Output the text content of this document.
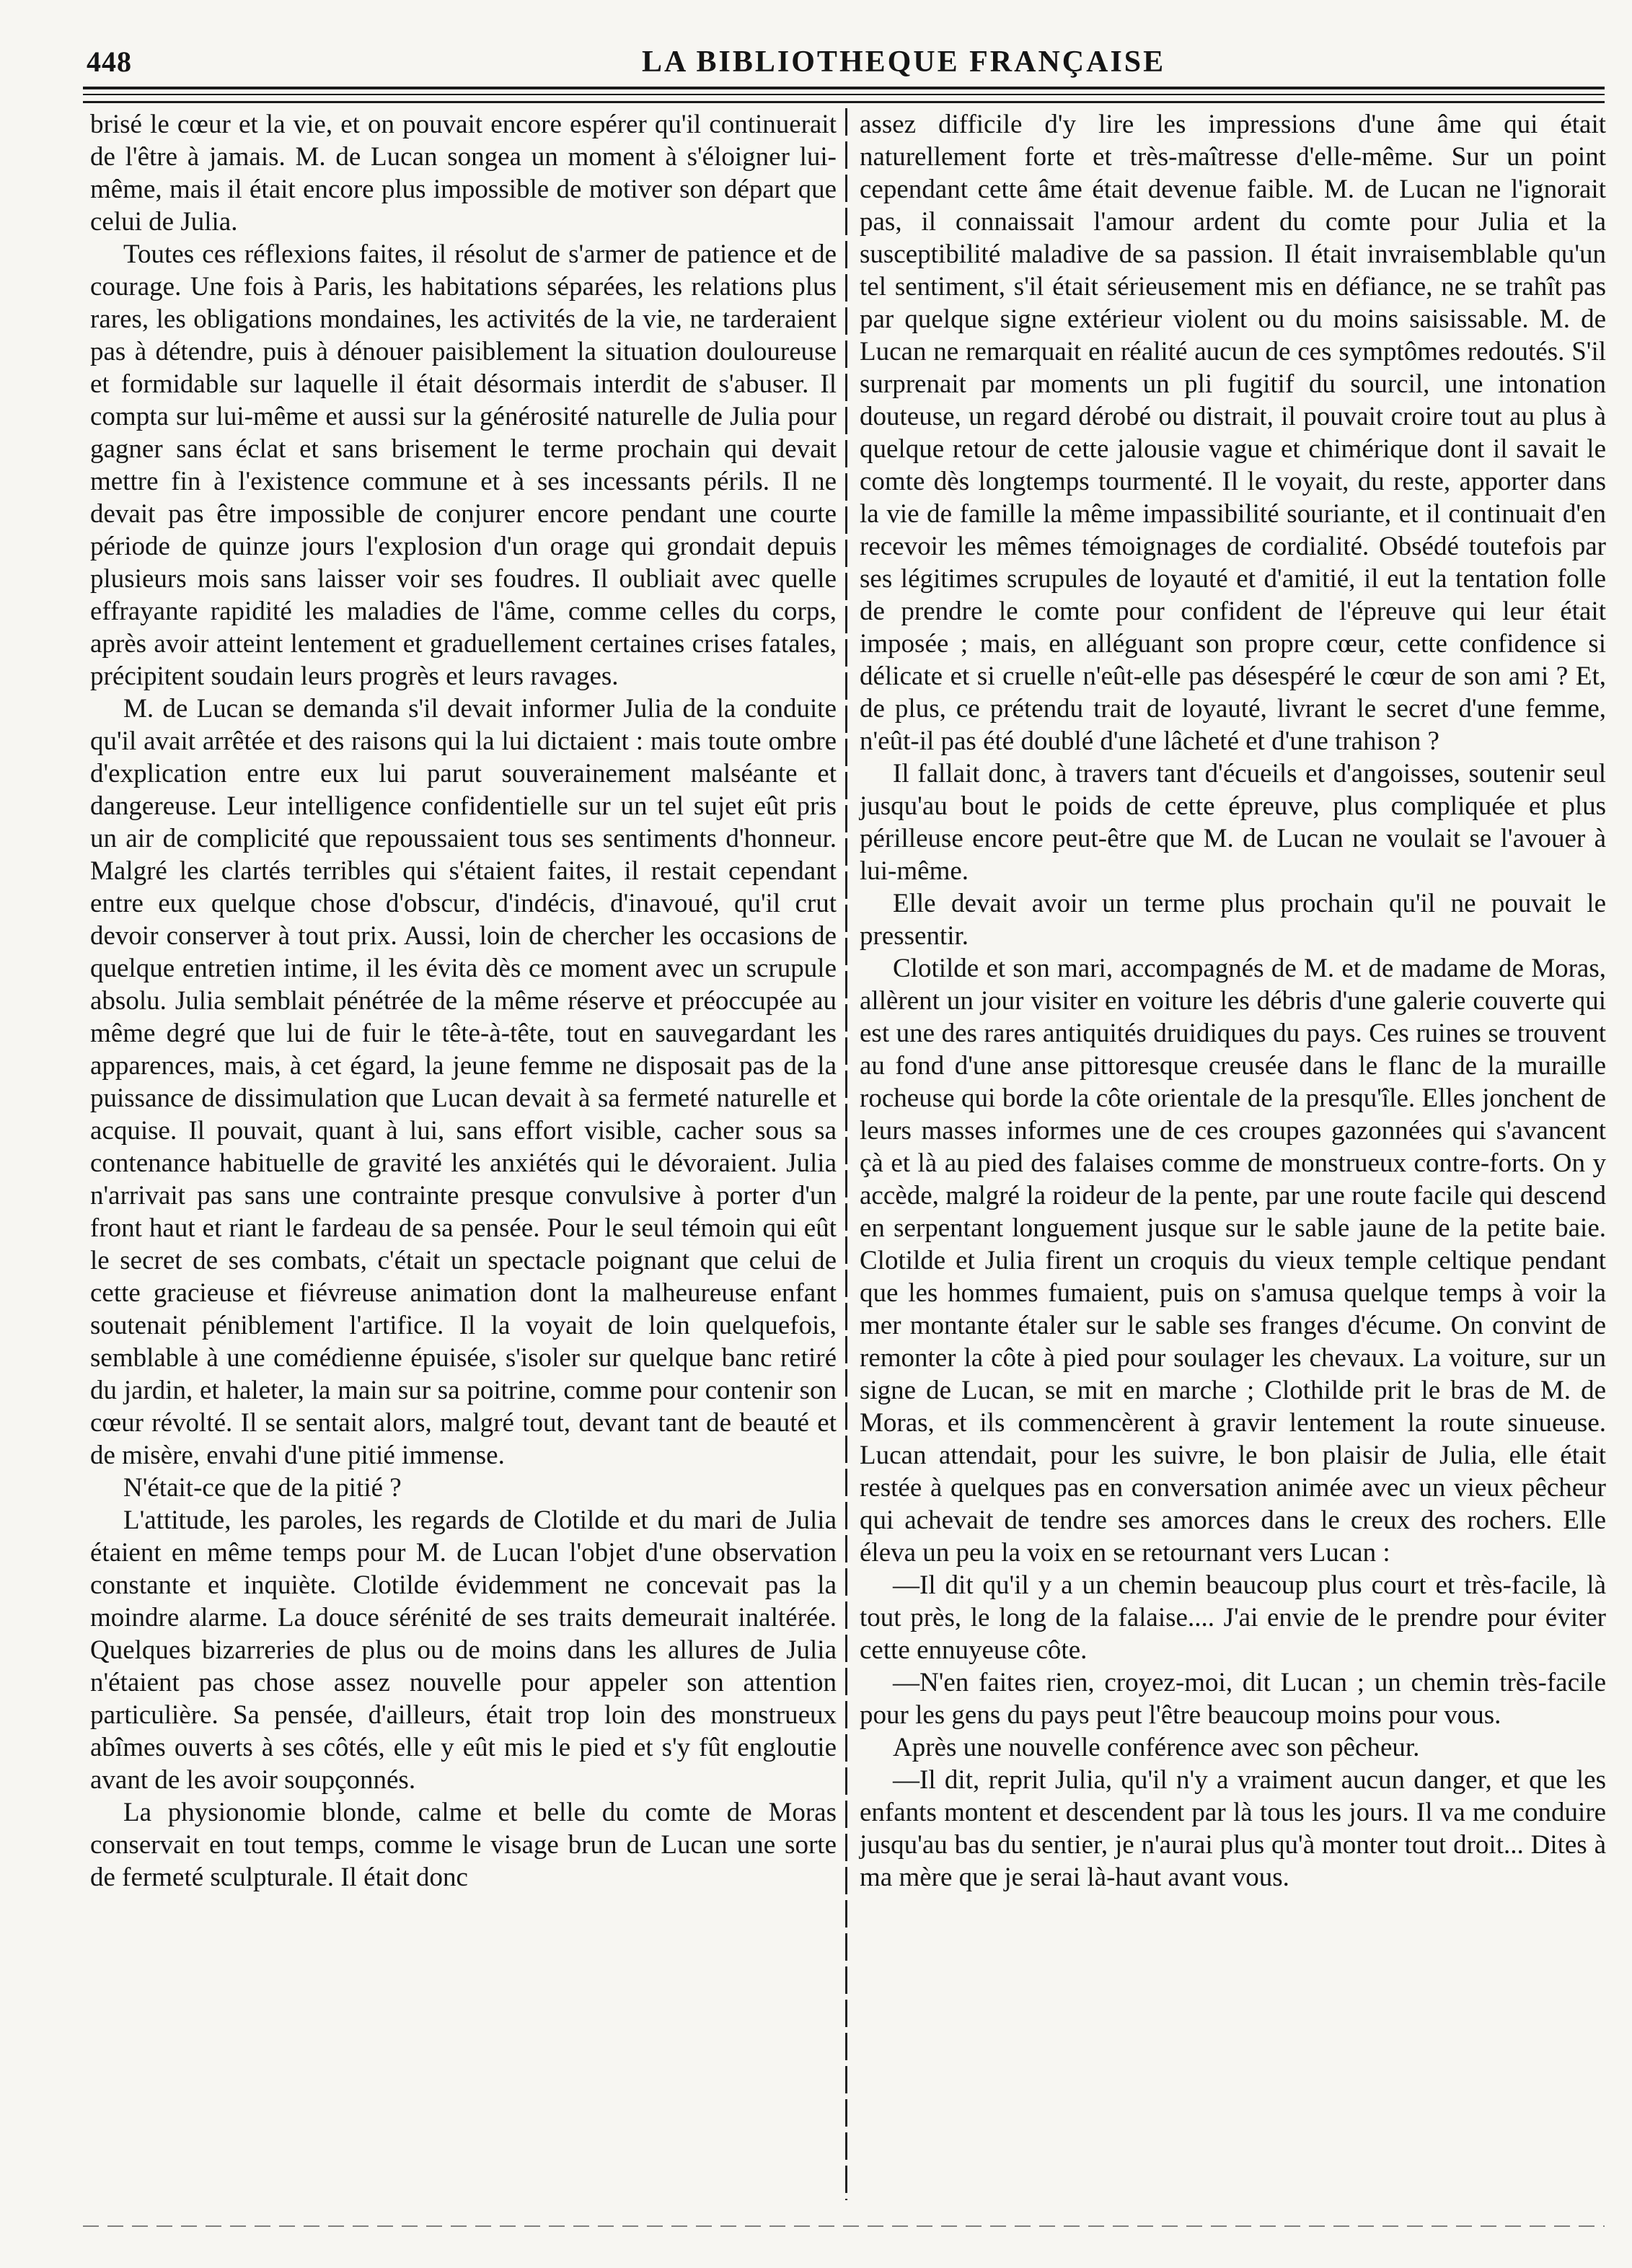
448	LA BIBLIOTHEQUE FRANÇAISE

brisé le cœur et la vie, et on pouvait encore espérer qu'il continuerait de l'être à jamais. M. de Lucan songea un moment à s'éloigner lui-même, mais il était encore plus impossible de motiver son départ que celui de Julia.

Toutes ces réflexions faites, il résolut de s'armer de patience et de courage. Une fois à Paris, les habitations séparées, les relations plus rares, les obligations mondaines, les activités de la vie, ne tarderaient pas à détendre, puis à dénouer paisiblement la situation douloureuse et formidable sur laquelle il était désormais interdit de s'abuser. Il compta sur lui-même et aussi sur la générosité naturelle de Julia pour gagner sans éclat et sans brisement le terme prochain qui devait mettre fin à l'existence commune et à ses incessants périls. Il ne devait pas être impossible de conjurer encore pendant une courte période de quinze jours l'explosion d'un orage qui grondait depuis plusieurs mois sans laisser voir ses foudres. Il oubliait avec quelle effrayante rapidité les maladies de l'âme, comme celles du corps, après avoir atteint lentement et graduellement certaines crises fatales, précipitent soudain leurs progrès et leurs ravages.

M. de Lucan se demanda s'il devait informer Julia de la conduite qu'il avait arrêtée et des raisons qui la lui dictaient : mais toute ombre d'explication entre eux lui parut souverainement malséante et dangereuse. Leur intelligence confidentielle sur un tel sujet eût pris un air de complicité que repoussaient tous ses sentiments d'honneur. Malgré les clartés terribles qui s'étaient faites, il restait cependant entre eux quelque chose d'obscur, d'indécis, d'inavoué, qu'il crut devoir conserver à tout prix. Aussi, loin de chercher les occasions de quelque entretien intime, il les évita dès ce moment avec un scrupule absolu. Julia semblait pénétrée de la même réserve et préoccupée au même degré que lui de fuir le tête-à-tête, tout en sauvegardant les apparences, mais, à cet égard, la jeune femme ne disposait pas de la puissance de dissimulation que Lucan devait à sa fermeté naturelle et acquise. Il pouvait, quant à lui, sans effort visible, cacher sous sa contenance habituelle de gravité les anxiétés qui le dévoraient. Julia n'arrivait pas sans une contrainte presque convulsive à porter d'un front haut et riant le fardeau de sa pensée. Pour le seul témoin qui eût le secret de ses combats, c'était un spectacle poignant que celui de cette gracieuse et fiévreuse animation dont la malheureuse enfant soutenait péniblement l'artifice. Il la voyait de loin quelquefois, semblable à une comédienne épuisée, s'isoler sur quelque banc retiré du jardin, et haleter, la main sur sa poitrine, comme pour contenir son cœur révolté. Il se sentait alors, malgré tout, devant tant de beauté et de misère, envahi d'une pitié immense.

N'était-ce que de la pitié ?

L'attitude, les paroles, les regards de Clotilde et du mari de Julia étaient en même temps pour M. de Lucan l'objet d'une observation constante et inquiète. Clotilde évidemment ne concevait pas la moindre alarme. La douce sérénité de ses traits demeurait inaltérée. Quelques bizarreries de plus ou de moins dans les allures de Julia n'étaient pas chose assez nouvelle pour appeler son attention particulière. Sa pensée, d'ailleurs, était trop loin des monstrueux abîmes ouverts à ses côtés, elle y eût mis le pied et s'y fût engloutie avant de les avoir soupçonnés.

La physionomie blonde, calme et belle du comte de Moras conservait en tout temps, comme le visage brun de Lucan une sorte de fermeté sculpturale. Il était donc

assez difficile d'y lire les impressions d'une âme qui était naturellement forte et très-maîtresse d'elle-même. Sur un point cependant cette âme était devenue faible. M. de Lucan ne l'ignorait pas, il connaissait l'amour ardent du comte pour Julia et la susceptibilité maladive de sa passion. Il était invraisemblable qu'un tel sentiment, s'il était sérieusement mis en défiance, ne se trahît pas par quelque signe extérieur violent ou du moins saisissable. M. de Lucan ne remarquait en réalité aucun de ces symptômes redoutés. S'il surprenait par moments un pli fugitif du sourcil, une intonation douteuse, un regard dérobé ou distrait, il pouvait croire tout au plus à quelque retour de cette jalousie vague et chimérique dont il savait le comte dès longtemps tourmenté. Il le voyait, du reste, apporter dans la vie de famille la même impassibilité souriante, et il continuait d'en recevoir les mêmes témoignages de cordialité. Obsédé toutefois par ses légitimes scrupules de loyauté et d'amitié, il eut la tentation folle de prendre le comte pour confident de l'épreuve qui leur était imposée ; mais, en alléguant son propre cœur, cette confidence si délicate et si cruelle n'eût-elle pas désespéré le cœur de son ami ? Et, de plus, ce prétendu trait de loyauté, livrant le secret d'une femme, n'eût-il pas été doublé d'une lâcheté et d'une trahison ?

Il fallait donc, à travers tant d'écueils et d'angoisses, soutenir seul jusqu'au bout le poids de cette épreuve, plus compliquée et plus périlleuse encore peut-être que M. de Lucan ne voulait se l'avouer à lui-même.

Elle devait avoir un terme plus prochain qu'il ne pouvait le pressentir.

Clotilde et son mari, accompagnés de M. et de madame de Moras, allèrent un jour visiter en voiture les débris d'une galerie couverte qui est une des rares antiquités druidiques du pays. Ces ruines se trouvent au fond d'une anse pittoresque creusée dans le flanc de la muraille rocheuse qui borde la côte orientale de la presqu'île. Elles jonchent de leurs masses informes une de ces croupes gazonnées qui s'avancent çà et là au pied des falaises comme de monstrueux contre-forts. On y accède, malgré la roideur de la pente, par une route facile qui descend en serpentant longuement jusque sur le sable jaune de la petite baie. Clotilde et Julia firent un croquis du vieux temple celtique pendant que les hommes fumaient, puis on s'amusa quelque temps à voir la mer montante étaler sur le sable ses franges d'écume. On convint de remonter la côte à pied pour soulager les chevaux. La voiture, sur un signe de Lucan, se mit en marche ; Clothilde prit le bras de M. de Moras, et ils commencèrent à gravir lentement la route sinueuse. Lucan attendait, pour les suivre, le bon plaisir de Julia, elle était restée à quelques pas en conversation animée avec un vieux pêcheur qui achevait de tendre ses amorces dans le creux des rochers. Elle éleva un peu la voix en se retournant vers Lucan :

—Il dit qu'il y a un chemin beaucoup plus court et très-facile, là tout près, le long de la falaise.... J'ai envie de le prendre pour éviter cette ennuyeuse côte.

—N'en faites rien, croyez-moi, dit Lucan ; un chemin très-facile pour les gens du pays peut l'être beaucoup moins pour vous.

Après une nouvelle conférence avec son pêcheur.

—Il dit, reprit Julia, qu'il n'y a vraiment aucun danger, et que les enfants montent et descendent par là tous les jours. Il va me conduire jusqu'au bas du sentier, je n'aurai plus qu'à monter tout droit... Dites à ma mère que je serai là-haut avant vous.
